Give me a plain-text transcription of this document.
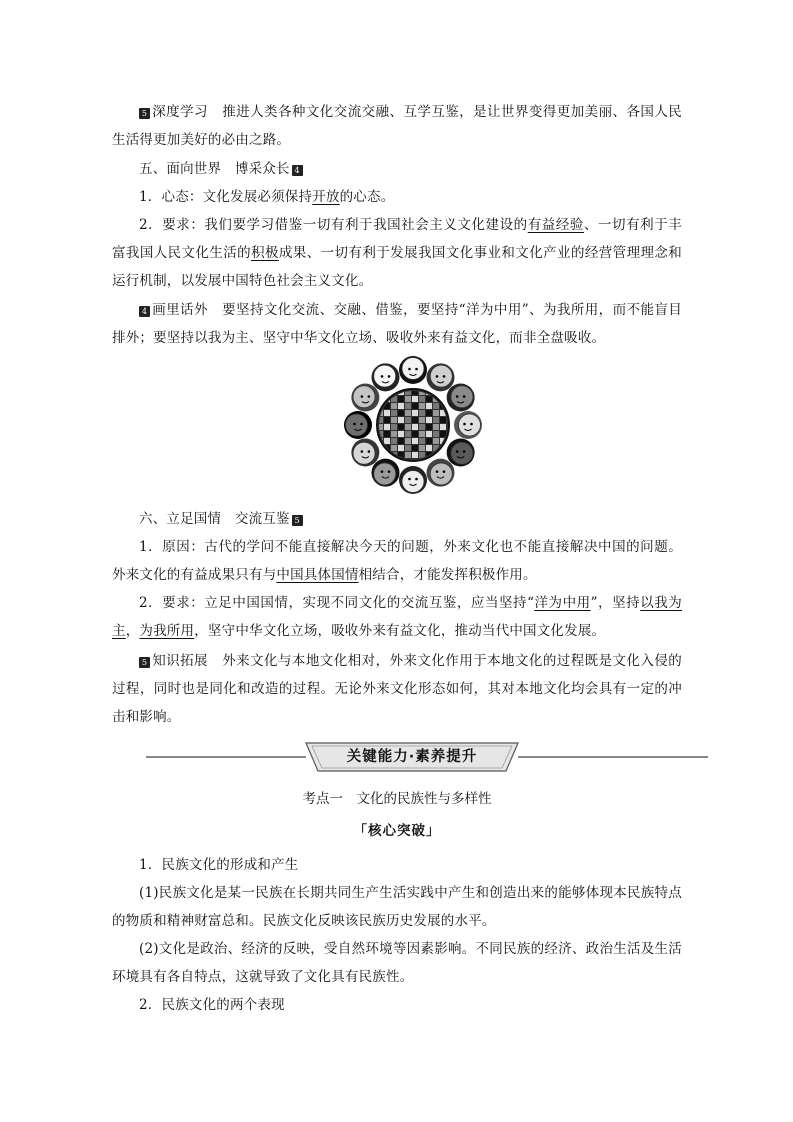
5 深度学习 推进人类各种文化交流交融、互学互鉴，是让世界变得更加美丽、各国人民生活得更加美好的必由之路。

五、面向世界　博采众长 4

1．心态：文化发展必须保持开放的心态。

2．要求：我们要学习借鉴一切有利于我国社会主义文化建设的有益经验、一切有利于丰富我国人民文化生活的积极成果、一切有利于发展我国文化事业和文化产业的经营管理理念和运行机制，以发展中国特色社会主义文化。

4 画里话外 要坚持文化交流、交融、借鉴，要坚持“洋为中用”、为我所用，而不能盲目排外；要坚持以我为主、坚守中华文化立场、吸收外来有益文化，而非全盘吸收。

六、立足国情　交流互鉴 5

1．原因：古代的学问不能直接解决今天的问题，外来文化也不能直接解决中国的问题。外来文化的有益成果只有与中国具体国情相结合，才能发挥积极作用。

2．要求：立足中国国情，实现不同文化的交流互鉴，应当坚持“洋为中用”，坚持以我为主，为我所用，坚守中华文化立场，吸收外来有益文化，推动当代中国文化发展。

5 知识拓展 外来文化与本地文化相对，外来文化作用于本地文化的过程既是文化入侵的过程，同时也是同化和改造的过程。无论外来文化形态如何，其对本地文化均会具有一定的冲击和影响。

关键能力·素养提升
考点一　文化的民族性与多样性
「核心突破」

1．民族文化的形成和产生

(1)民族文化是某一民族在长期共同生产生活实践中产生和创造出来的能够体现本民族特点的物质和精神财富总和。民族文化反映该民族历史发展的水平。

(2)文化是政治、经济的反映，受自然环境等因素影响。不同民族的经济、政治生活及生活环境具有各自特点，这就导致了文化具有民族性。

2．民族文化的两个表现
